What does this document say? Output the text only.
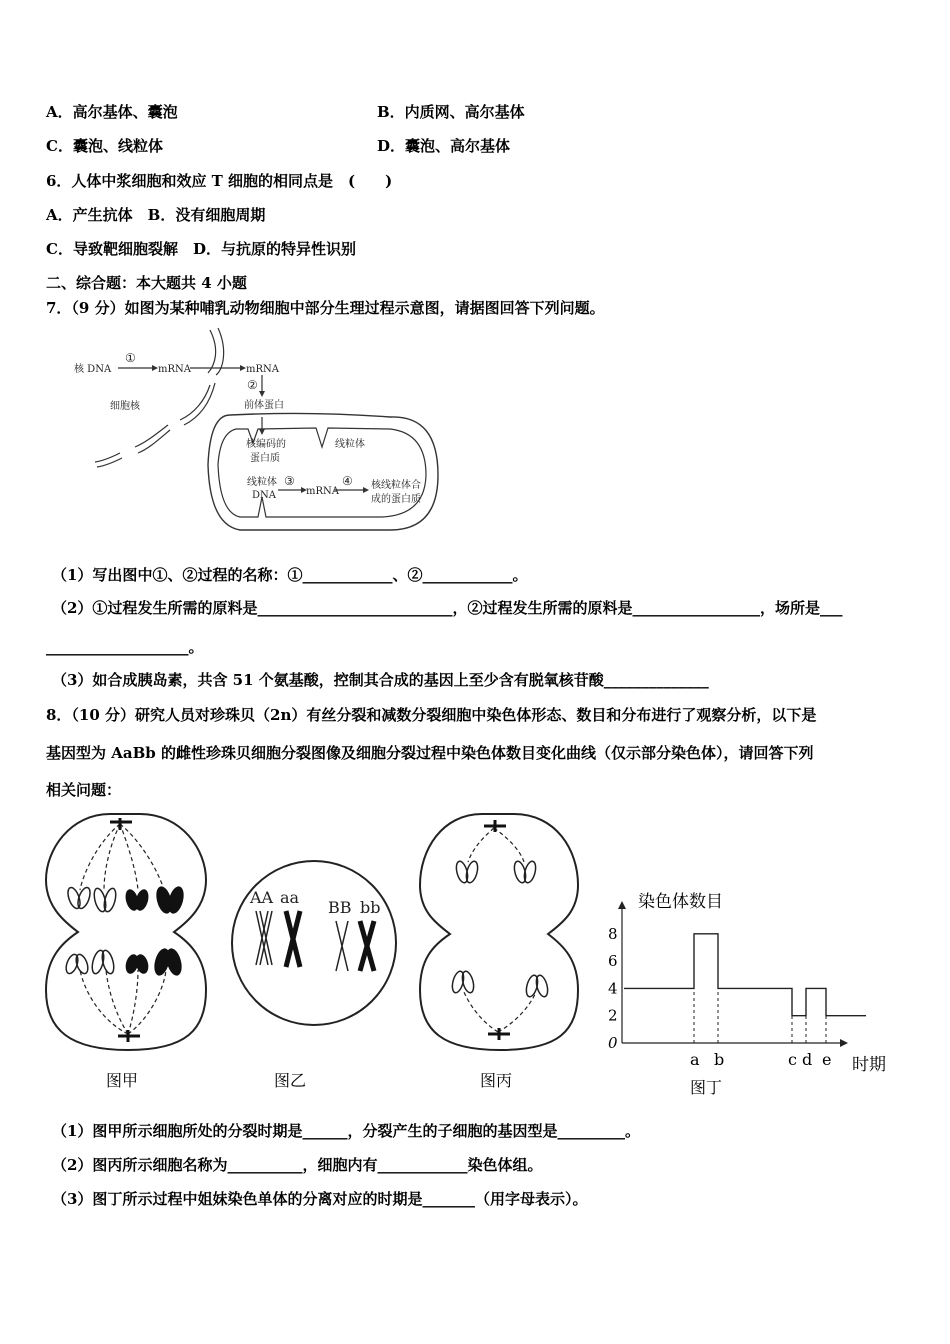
A．高尔基体、囊泡	B．内质网、高尔基体
C．囊泡、线粒体	D．囊泡、高尔基体
6．人体中浆细胞和效应 T 细胞的相同点是　(　　)
A．产生抗体　B．没有细胞周期
C．导致靶细胞裂解　D．与抗原的特异性识别
二、综合题：本大题共 4 小题
7．（9 分）如图为某种哺乳动物细胞中部分生理过程示意图，请据图回答下列问题。
核 DNA
①
mRNA	mRNA
②
前体蛋白
细胞核
核编码的
蛋白质
线粒体
线粒体
DNA
③
mRNA
④ 核线粒体合
成的蛋白质
（1）写出图中①、②过程的名称：①____________、②____________。
（2）①过程发生所需的原料是__________________________，②过程发生所需的原料是_________________，场所是___
___________________。
（3）如合成胰岛素，共含 51 个氨基酸，控制其合成的基因上至少含有脱氧核苷酸______________
8．（10 分）研究人员对珍珠贝（2n）有丝分裂和减数分裂细胞中染色体形态、数目和分布进行了观察分析，以下是
基因型为 AaBb 的雌性珍珠贝细胞分裂图像及细胞分裂过程中染色体数目变化曲线（仅示部分染色体），请回答下列
相关问题：
图甲
AA aa
BB bb
图乙	图丙
染色体数目
时期
0
2
4
6
8
a b	c d e
图丁
（1）图甲所示细胞所处的分裂时期是______，分裂产生的子细胞的基因型是_________。
（2）图丙所示细胞名称为__________，细胞内有____________染色体组。
（3）图丁所示过程中姐妹染色单体的分离对应的时期是_______（用字母表示）。
